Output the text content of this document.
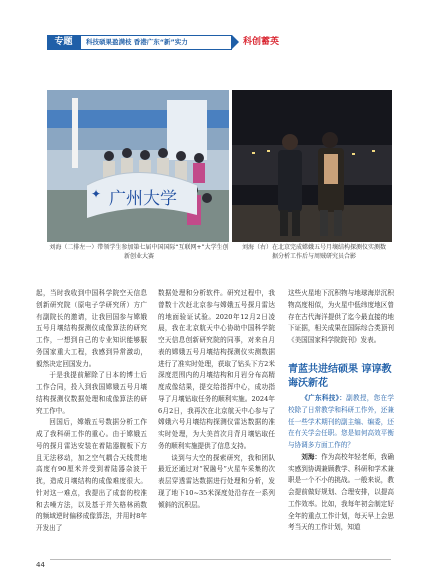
专题	科技硕果盈满枝 香港广东“新”实力	科创蓄英
广州大学
✦
刘海（二排左一）带领学生参加第七届中国国际“互联网+”大学生创新创业大赛
刘海（右）在北京完成嫦娥五号月壤结构探测仪实测数据分析工作后与周贼研究员合影

起，当时我收到中国科学院空天信息创新研究院（原电子学研究所）方广有副院长的邀请，让我回国参与嫦娥五号月壤结构探测仪成像算法的研究工作，一想到自己的专业知识能够服务国家重大工程，我感到异常激动，毅然决定回国发力。

于是我提前解除了日本的博士后工作合同，投入到我国嫦娥五号月壤结构探测仪数据处理和成像算法的研究工作中。

回国后，嫦娥五号数据分析工作成了我科研工作的重心。由于嫦娥五号的探月雷达安装在着陆器腹板下方且无法移动，加之空气耦合天线贯地高度有90厘米并受到着陆器杂波干扰，造成月壤结构的成像难度很大。针对这一难点，我提出了成套的校准和去噪方法，以及基于并矢格林函数的频域逆时偏移成像算法，并用时8年开发出了

数据处理和分析软件。研究过程中，我曾数十次赶北京参与嫦娥五号探月雷达的地面验证试验。2020年12月2日凌晨，我在北京航天中心协助中国科学院空天信息创新研究院的同事，对来自月表的嫦娥五号月壤结构探测仪实测数据进行了准实时处理，获取了钻头下方2米深度范围内的月壤结构和月岩分布高精度成像结果，提交给指挥中心，成功指导了月壤钻取任务的顺利实施。2024年6月2日，我再次在北京航天中心参与了嫦娥六号月壤结构探测仪雷达数据的准实时处理，为大美首次月背月壤钻取任务的顺利实施提供了信息支持。

谈到与大空的探索研究，我和团队最近还通过对“祝融号”火星车采集的次表层穿透雷达数据进行处理和分析，发现了地下10~35米深度处沿存在一系列倾斜的沉积层。

这些火星地下沉积物与地球海岸沉积物高度相似，为火星中低纬度地区曾存在古代海洋提供了迄今最直接的地下证据，相关成果在国际综合类顶刊《美国国家科学院院刊》发表。

青蓝共进结硕果 谆谆教诲沃新花

《广东科技》：副教授，您在学校除了日常教学和科研工作外，还兼任一些学术期刊的副主编、编委，还在有关学会任职。您是如何高效平衡与协调多方面工作的？

刘海：作为高校年轻老师，我确实感到协调兼顾教学、科研和学术兼职是一个不小的挑战。一般来说，教会提前做好规划、合理安排，以提高工作效率。比如，我每年初会制定好全年的重点工作计划，每天早上会思考当天的工作计划，知道

44
